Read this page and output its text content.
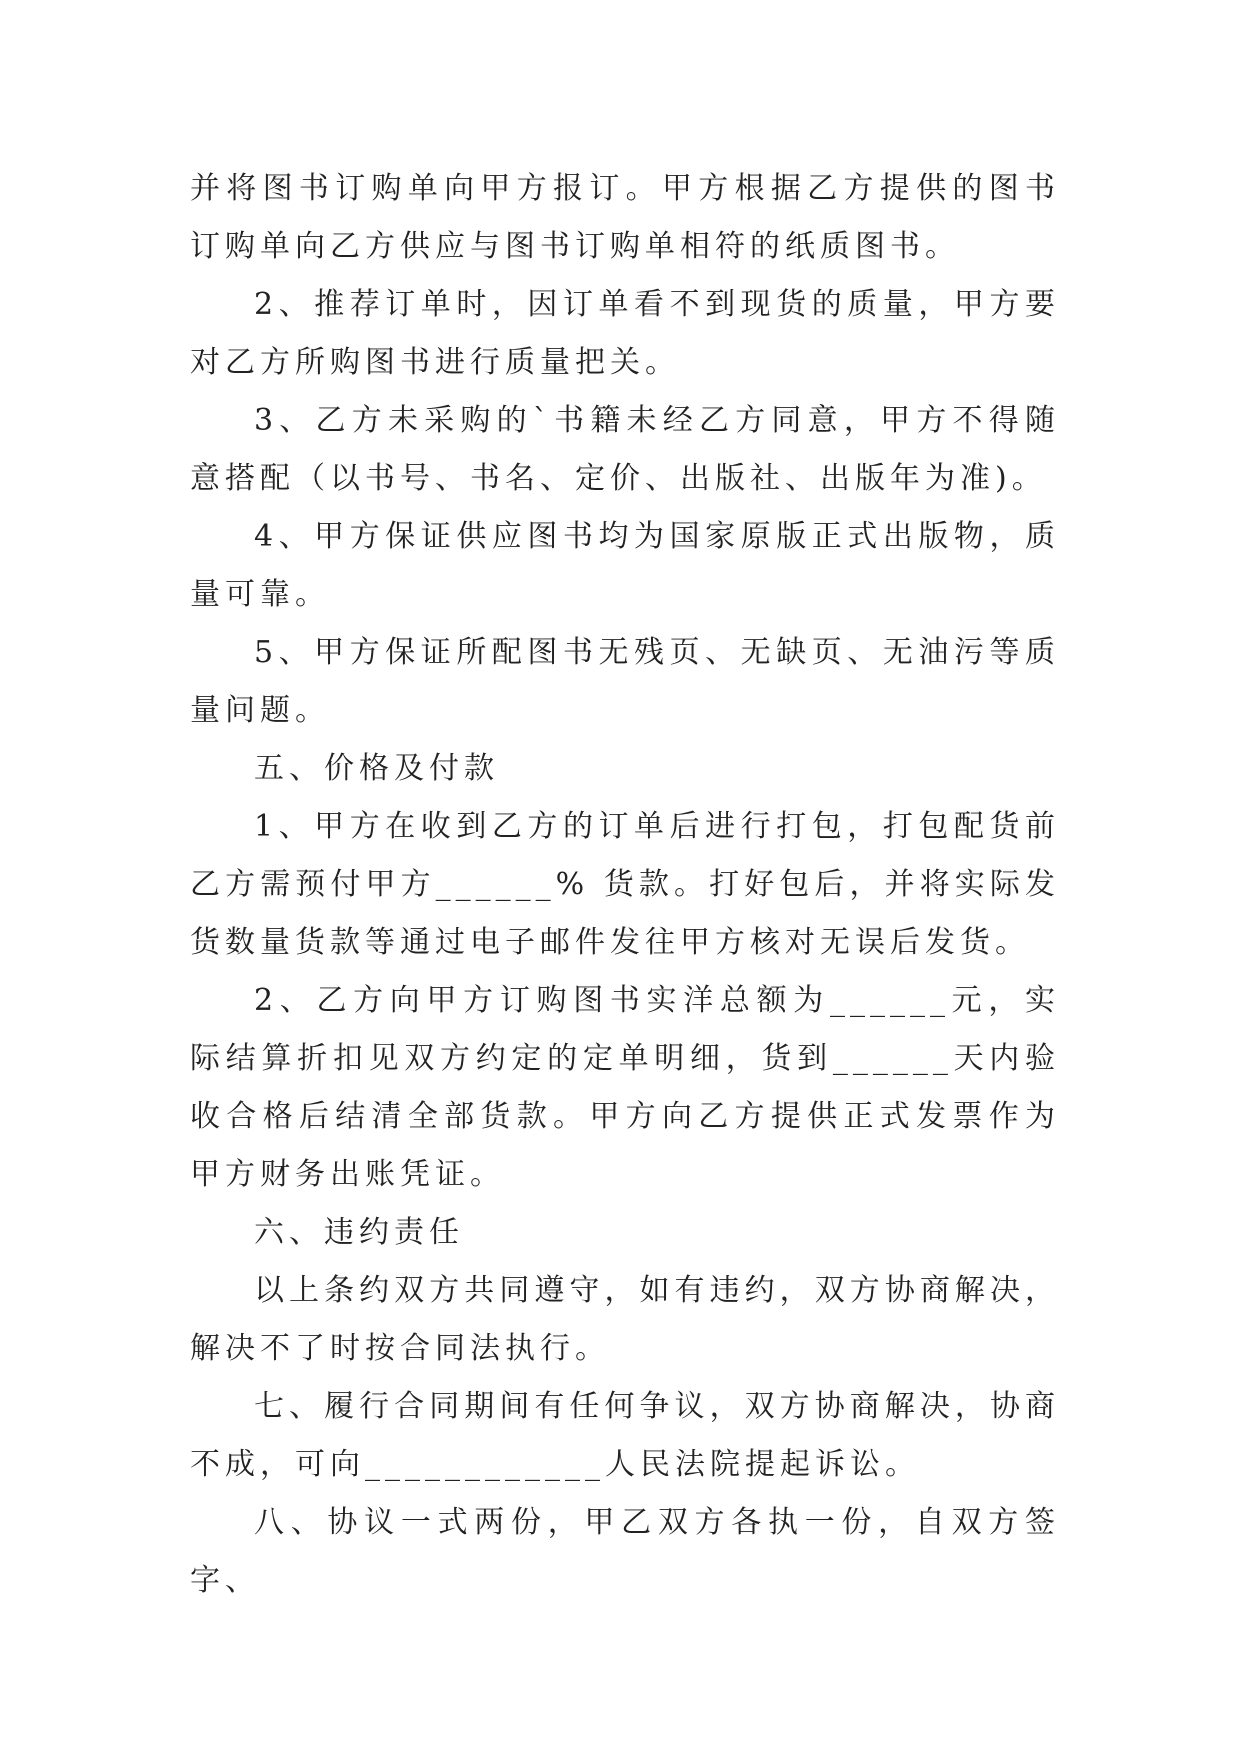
并将图书订购单向甲方报订。甲方根据乙方提供的图书订购单向乙方供应与图书订购单相符的纸质图书。

2、推荐订单时，因订单看不到现货的质量，甲方要对乙方所购图书进行质量把关。

3、乙方未采购的`书籍未经乙方同意，甲方不得随意搭配（以书号、书名、定价、出版社、出版年为准)。

4、甲方保证供应图书均为国家原版正式出版物，质量可靠。

5、甲方保证所配图书无残页、无缺页、无油污等质量问题。

五、价格及付款

1、甲方在收到乙方的订单后进行打包，打包配货前乙方需预付甲方______% 货款。打好包后，并将实际发货数量货款等通过电子邮件发往甲方核对无误后发货。

2、乙方向甲方订购图书实洋总额为______元，实际结算折扣见双方约定的定单明细，货到______天内验收合格后结清全部货款。甲方向乙方提供正式发票作为甲方财务出账凭证。

六、违约责任

以上条约双方共同遵守，如有违约，双方协商解决，解决不了时按合同法执行。

七、履行合同期间有任何争议，双方协商解决，协商不成，可向____________人民法院提起诉讼。

八、协议一式两份，甲乙双方各执一份，自双方签字、
